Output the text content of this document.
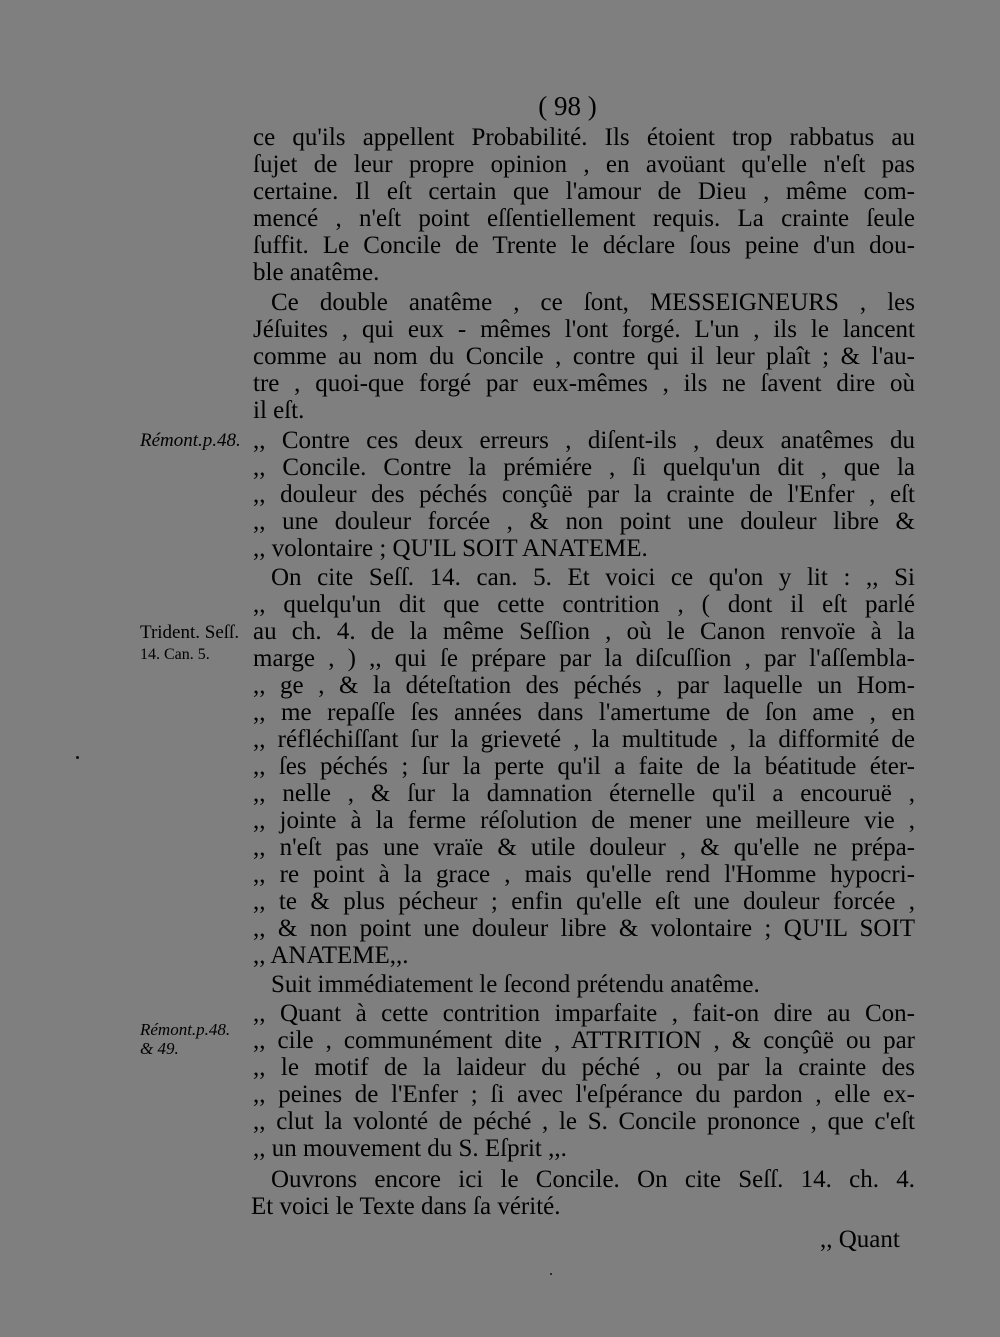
( 98 )
ce qu'ils appellent Probabilité. Ils étoient trop rabbatus au
ſujet de leur propre opinion , en avoüant qu'elle n'eſt pas
certaine. Il eſt certain que l'amour de Dieu , même com-
mencé , n'eſt point eſſentiellement requis. La crainte ſeule
ſuffit. Le Concile de Trente le déclare ſous peine d'un dou-
ble anatême.
Ce double anatême , ce ſont, MESSEIGNEURS , les
Jéſuites , qui eux - mêmes l'ont forgé. L'un , ils le lancent
comme au nom du Concile , contre qui il leur plaît ; & l'au-
tre , quoi-que forgé par eux-mêmes , ils ne ſavent dire où
il eſt.
,, Contre ces deux erreurs , diſent-ils , deux anatêmes du
,, Concile. Contre la prémiére , ſi quelqu'un dit , que la
,, douleur des péchés conçûë par la crainte de l'Enfer , eſt
,, une douleur forcée , & non point une douleur libre &
,, volontaire ; QU'IL SOIT ANATEME.
On cite Seſſ. 14. can. 5. Et voici ce qu'on y lit : ,, Si
,, quelqu'un dit que cette contrition , ( dont il eſt parlé
au ch. 4. de la même Seſſion , où le Canon renvoïe à la
marge , ) ,, qui ſe prépare par la diſcuſſion , par l'aſſembla-
,, ge , & la déteſtation des péchés , par laquelle un Hom-
,, me repaſſe ſes années dans l'amertume de ſon ame , en
,, réfléchiſſant ſur la grieveté , la multitude , la difformité de
,, ſes péchés ; ſur la perte qu'il a faite de la béatitude éter-
,, nelle , & ſur la damnation éternelle qu'il a encouruë ,
,, jointe à la ferme réſolution de mener une meilleure vie ,
,, n'eſt pas une vraïe & utile douleur , & qu'elle ne prépa-
,, re point à la grace , mais qu'elle rend l'Homme hypocri-
,, te & plus pécheur ; enfin qu'elle eſt une douleur forcée ,
,, & non point une douleur libre & volontaire ; QU'IL SOIT
,, ANATEME,,.
Suit immédiatement le ſecond prétendu anatême.
,, Quant à cette contrition imparfaite , fait-on dire au Con-
,, cile , communément dite , ATTRITION , & conçûë ou par
,, le motif de la laideur du péché , ou par la crainte des
,, peines de l'Enfer ; ſi avec l'eſpérance du pardon , elle ex-
,, clut la volonté de péché , le S. Concile prononce , que c'eſt
,, un mouvement du S. Eſprit ,,.
Ouvrons encore ici le Concile. On cite Seſſ. 14. ch. 4.
Et voici le Texte dans ſa vérité.
,, Quant
Rémont.p.48.
Trident. Seſſ.
14. Can. 5.
Rémont.p.48.
& 49.
